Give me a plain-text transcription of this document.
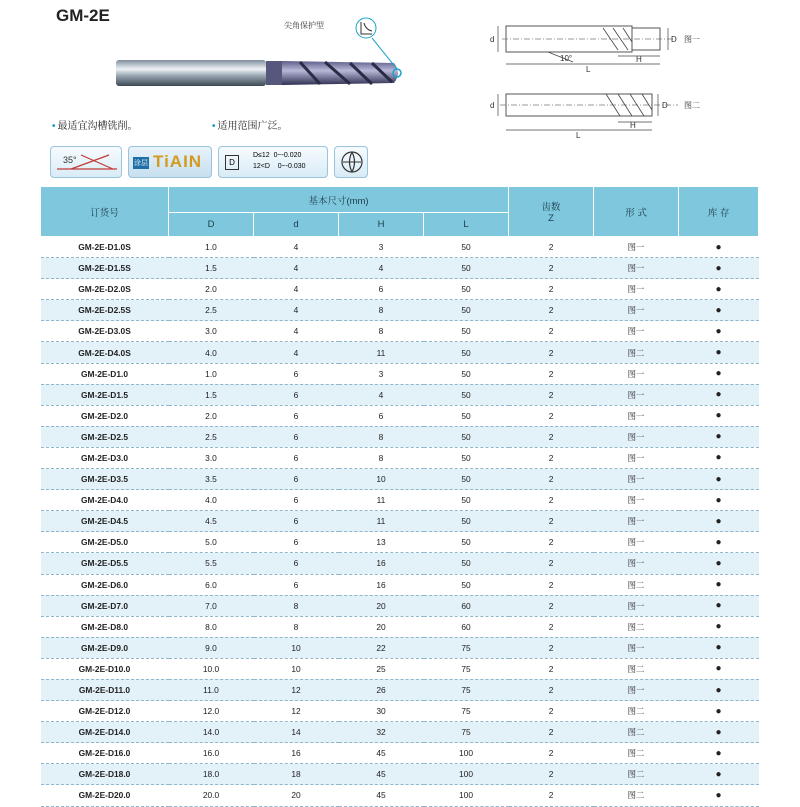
GM-2E
尖角保护型
d	D
H
L
10°
图一
d	D
H
L
图二
• 最适宜沟槽铣削。	• 适用范围广泛。
35°	涂层 TiAIN	D
D≤12  0~-0.020
12<D    0~-0.030
订货号	基本尺寸(mm)				齿数
Z	形 式	库 存
	D	d	H	L			
GM-2E-D1.0S	1.0	4	3	50	2	图一	●
GM-2E-D1.5S	1.5	4	4	50	2	图一	●
GM-2E-D2.0S	2.0	4	6	50	2	图一	●
GM-2E-D2.5S	2.5	4	8	50	2	图一	●
GM-2E-D3.0S	3.0	4	8	50	2	图一	●
GM-2E-D4.0S	4.0	4	11	50	2	图二	●
GM-2E-D1.0	1.0	6	3	50	2	图一	●
GM-2E-D1.5	1.5	6	4	50	2	图一	●
GM-2E-D2.0	2.0	6	6	50	2	图一	●
GM-2E-D2.5	2.5	6	8	50	2	图一	●
GM-2E-D3.0	3.0	6	8	50	2	图一	●
GM-2E-D3.5	3.5	6	10	50	2	图一	●
GM-2E-D4.0	4.0	6	11	50	2	图一	●
GM-2E-D4.5	4.5	6	11	50	2	图一	●
GM-2E-D5.0	5.0	6	13	50	2	图一	●
GM-2E-D5.5	5.5	6	16	50	2	图一	●
GM-2E-D6.0	6.0	6	16	50	2	图二	●
GM-2E-D7.0	7.0	8	20	60	2	图一	●
GM-2E-D8.0	8.0	8	20	60	2	图二	●
GM-2E-D9.0	9.0	10	22	75	2	图一	●
GM-2E-D10.0	10.0	10	25	75	2	图二	●
GM-2E-D11.0	11.0	12	26	75	2	图一	●
GM-2E-D12.0	12.0	12	30	75	2	图二	●
GM-2E-D14.0	14.0	14	32	75	2	图二	●
GM-2E-D16.0	16.0	16	45	100	2	图二	●
GM-2E-D18.0	18.0	18	45	100	2	图二	●
GM-2E-D20.0	20.0	20	45	100	2	图二	●
